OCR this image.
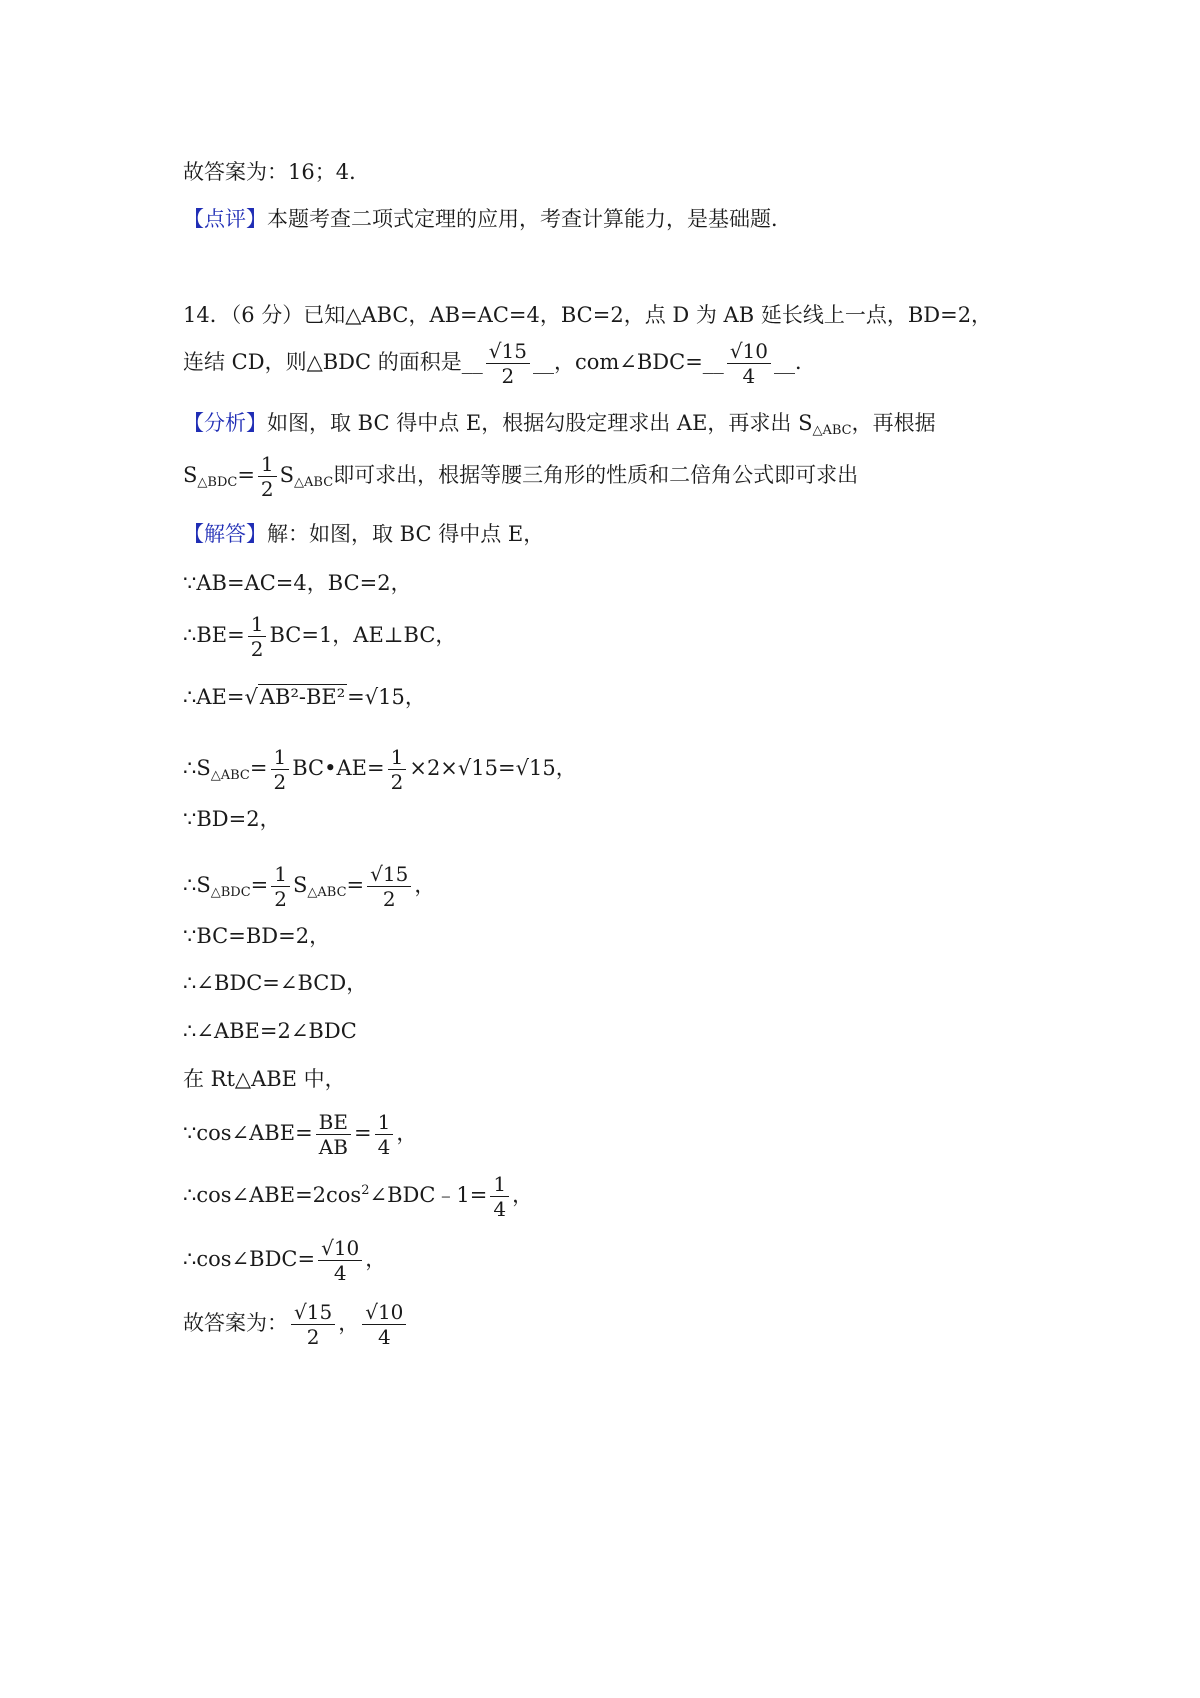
故答案为：16；4．
【点评】本题考查二项式定理的应用，考查计算能力，是基础题．
14．（6 分）已知△ABC，AB=AC=4，BC=2，点 D 为 AB 延长线上一点，BD=2，
连结 CD，则△BDC 的面积是__ $\frac{√15}{2}$ __，com∠BDC=__ $\frac{√10}{4}$ __．
【分析】如图，取 BC 得中点 E，根据勾股定理求出 AE，再求出 $S_{\triangle ABC}$，再根据
$S_{\triangle BDC}= \frac{1}{2} S_{\triangle ABC}$即可求出，根据等腰三角形的性质和二倍角公式即可求出
【解答】解：如图，取 BC 得中点 E，
∵AB=AC=4，BC=2，
∴BE= $\frac{1}{2} BC=1$，AE⊥BC，
∴AE=√AB²-BE²=√15，
$\therefore S_{\triangle ABC}= \frac{1}{2}$ BC•AE= $\frac{1}{2} \times 2\times√15=√15$，
∵BD=2，
$\therefore S_{\triangle BDC}= \frac{1}{2} S_{\triangle ABC}= \frac{√15}{2}$ ，
∵BC=BD=2，
∴∠BDC=∠BCD，
∴∠ABE=2∠BDC
在 Rt△ABE 中，
∵cos∠ABE= $\frac{BE}{AB} = \frac{1}{4}$ ，
$\therefore\cos\angle ABE=2\cos^2\angle BDC﹣1= \frac{1}{4}$ ，
∴cos∠BDC= $\frac{√10}{4}$ ，
故答案为： $\frac{√15}{2}$ ， $\frac{√10}{4}$
